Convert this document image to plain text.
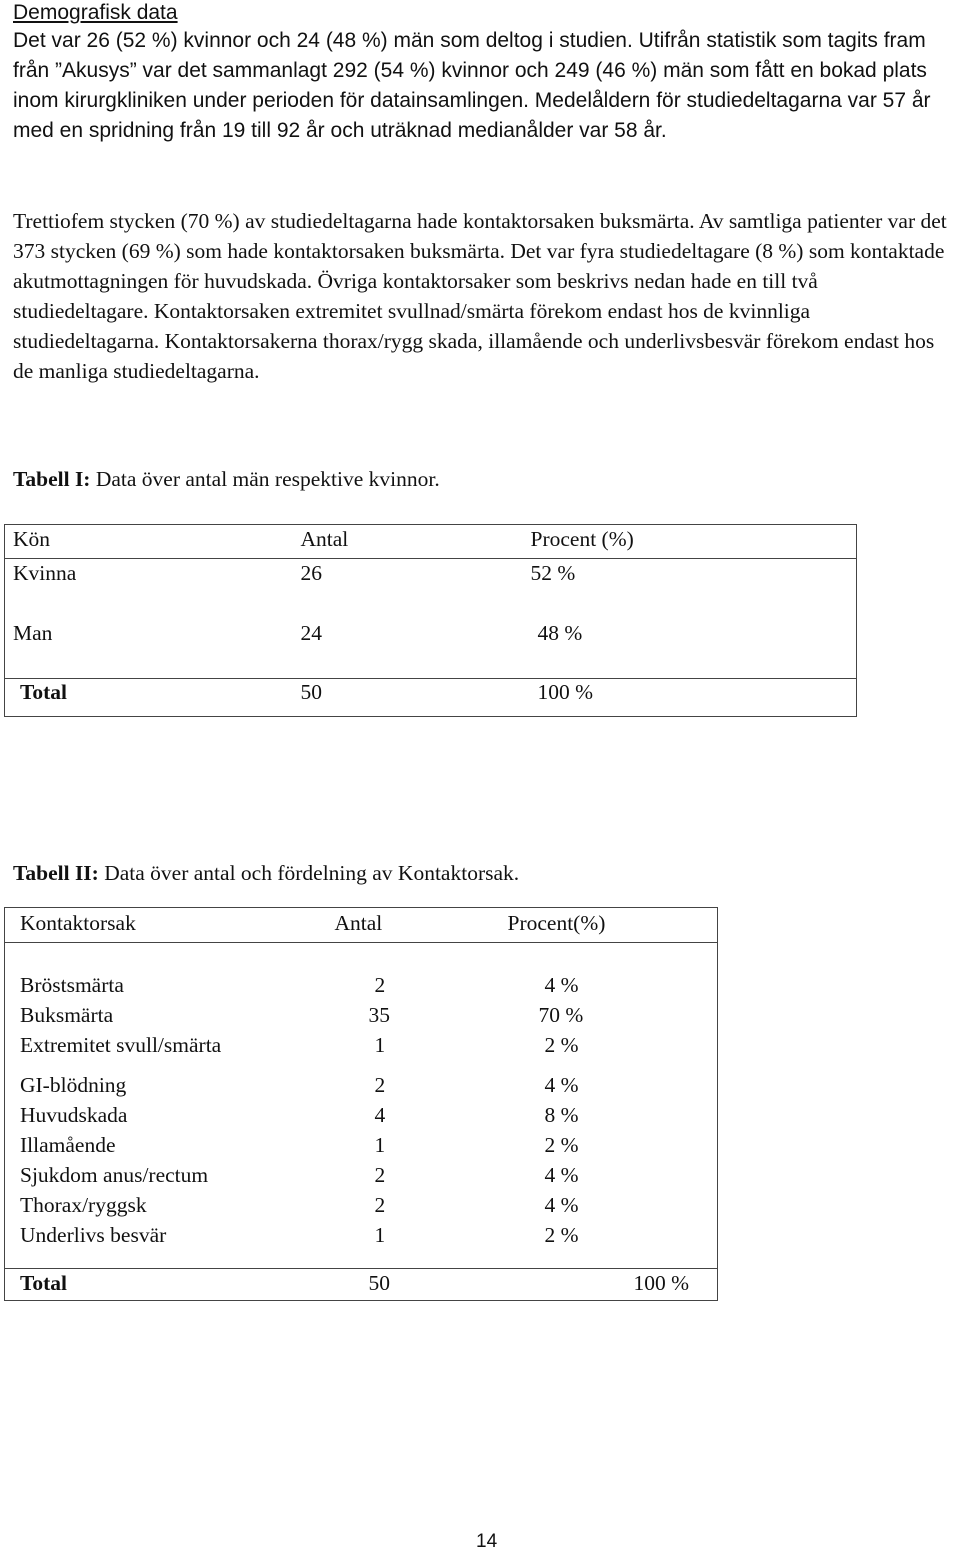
Demografisk data
Det var 26 (52 %) kvinnor och 24 (48 %) män som deltog i studien. Utifrån statistik som tagits fram från ”Akusys” var det sammanlagt 292 (54 %) kvinnor och 249 (46 %) män som fått en bokad plats inom kirurgkliniken under perioden för datainsamlingen. Medelåldern för studiedeltagarna var 57 år med en spridning från 19 till 92 år och uträknad medianålder var 58 år.
Trettiofem stycken (70 %) av studiedeltagarna hade kontaktorsaken buksmärta. Av samtliga patienter var det 373 stycken (69 %) som hade kontaktorsaken buksmärta. Det var fyra studiedeltagare (8 %) som kontaktade akutmottagningen för huvudskada. Övriga kontaktorsaker som beskrivs nedan hade en till två studiedeltagare. Kontaktorsaken extremitet svullnad/smärta förekom endast hos de kvinnliga studiedeltagarna. Kontaktorsakerna thorax/rygg skada, illamående och underlivsbesvär förekom endast hos de manliga studiedeltagarna.
Tabell I: Data över antal män respektive kvinnor.
Kön	Antal	Procent (%)
Kvinna	26	52 %
Man	24	48 %
Total	50	100 %
Tabell II: Data över antal och fördelning av Kontaktorsak.
Kontaktorsak	Antal	Procent(%)

Bröstsmärta	2	4 %
Buksmärta	35	70 %
Extremitet svull/smärta	1	2 %
GI-blödning	2	4 %
Huvudskada	4	8 %
Illamående	1	2 %
Sjukdom anus/rectum	2	4 %
Thorax/ryggsk	2	4 %
Underlivs besvär	1	2 %
Total	50	100 %
14
